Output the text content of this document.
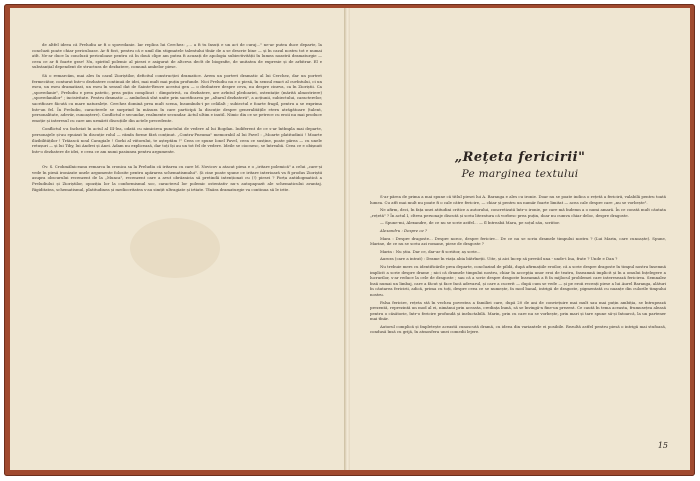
de altfel ideea că Preludiu ar fi o spovedanie. Iar replica lui Cerchez: „... a fi tu însuți e un act de curaj..." ne-ar putea duce departe, la concluzii poate chiar periculoase. Ar fi fost, pentru că e umil din stigmatele talentului tînăr de a se descrie bine — și în cazul nostru tot e numai atît. Ne-ar duce la concluzii periculoase pentru că în două clipe am putea fi acuzați de apologia subiectivității în lumea noastră dramaturgie — ceea ce ar fi foarte grav! Nu, spiritul polemic al piesei e asigurat de altceva decît de biografie, de unitatea de expresie și de arbitrar. El e substanțial dependent de structura de dezbatere, comună ambelor piese.

Să o remarcăm, mai ales în cazul Zioriștilor, deficitul construcției dramatice. Avem un portret dramatic al lui Cerchez, dar un portret fermecător, conturat într-o dezbatere continuă de idei, mai mult mai puțin profunde. Nici Preludiu nu e o piesă, în sensul exact al cuvîntului, ci un eseu, un eseu dramatizat, un eseu în sensul dat de Sainte-Beuve acestui gen — o dezbatere despre ceva, nu despre cineva, ca în Zioriștii. Ca „spovedanie", Preludiu e prea patetic, prea puțin complicat : dimpotrivă, ca dezbatere, are avîntul pledoariei, ostentație (mărită almostriere) „spovedaniilor" ; incisivitate. Pentru dramatic — amîndouă sînt unite prin sacrificarea pe „altarul dezbaterii", a acțiunii, subiectului, caracterelor, sacrificare făcută cu mare naturalețe. Cerchez domină prea mult scena, însumîndu-i pe celălalt ; subiectul e foarte fragil, pentru a se exprima într-un fel. În Preludiu, caracterele se surprind în măsura în care participă la discuție despre generalitățile etern atrăgătoare (talent, personalitate, adevăr, cunoaștere). Conflictul e secundar, realmente secundar. Actul ultim e inutil. Nimic din ce se petrece cu eroii nu mai produce emoție și interesul cu care am urmărit discuțiile din actele precedente.

Conflictul s-a încheiat în actul al III-lea, odată cu nimicirea punctului de vedere al lui Bogdan. Indiferent de ce s-ar întîmpla mai departe, personajele și-au epuizat în discuție rolul — rămîn forme fără conținut. „Contra-Pneuma" memorabil al lui Pavel : „Moarte platitudinii ! Moarte ilizibilităților ! Trăiască noul Caragiale ! Gorki al viitorului, te așteptăm !" Ceea ce spune Ionel Pavel, ceea ce susține, poate părea — cu unele retușuri — și lui Tiby, lui Andrei și Anei. Adam nu explicează, dar toți își au un tot fel de vedere. Ideile se ciocnesc, se întreabă. Ceea ce e obișnuit într-o dezbatere de idei, e ceea ce am numi pasiunea pentru argumente.

Ov. S. Crohmălniceanu remarca în cronica sa la Preludiu că iritarea cu care M. Novicov a atacat piesa e o „iritare polemică" a celui „care-și vede în piesă ironizate unele argumente folosite pentru apărarea schematismului". Și cine poate spune ce iritare interioară va fi produs Zioriștii asupra obscurului recenzent de la „Munca", recenzent care a avut obrăznicia să pretindă intenționat cu (!) piesei ? Forța antidogmatică a Preludiului și Zioriștilor, opoziția lor la conformismul soc, caracterul lor polemic ostentativ nu-s autopapuzit ale schematicului avantaj. Rigiditatea, schematismul, platitudinea și mediocritatea s-au simțit ultragiate și irtiate. Tînăra dramaturgie va continua să le irite.

„Rețeta fericirii"
Pe marginea textului

S-ar părea de prima a mai spune că titlul piesei lui A. Baranga e ales cu ironie. Doar nu se poate indica o rețetă a fericirii, valabilă pentru toată lumea. Cu atît mai mult nu poate fi o cale către fericire, — chiar și pentru un număr foarte limitat — acea cale despre care „nu se vorbește".

Ne afirm, deci, în fața unei atitudini critice a autorului, concretizată într-o ironie, pe care mă îndemn a o numi amară. În ce constă mult căutata „rețetă" ? În actul I, cîteva personaje discută și scriu literatura că vorbesc prea puțin, doar nu cumva chiar deloc, despre dragoste.

— Spune-mi, Alexandre, de ce nu se scrie astfel... — îl întreabă Mara, pe soțul său, scriitor.

Alexandru : Despre ce ?

Mara : Despre dragoste... Despre noroc, despre fericire... De ce nu se scriu dramele timpului nostru ? (Lui Marin, care cunoaște). Spune, Marine, de ce nu se scriu azi romane, piese de dragoste ?

Marin : Nu știu. Dar ce, dar-ar fi scriitor, aș scrie...

Aurora (care a intrat) : Drame în viața abia bătrîneții. Uite, și aici încep să prevăd una - unde-i Ina, frate ? Unde e Dan ?

Nu trebuie mers cu identificările prea departe, concluzind de pildă, după afirmațiile eroilor, că a scrie despre dragoste în timpul nostru însemnă implicit a scrie despre drame ; nici că dramele timpului nostru, chiar în accepția unor eroi de teatru, înseamnă implicit și în a omului înțelegere a lucrurilor, s-ar reduce la cele de dragoste ; sau că a scrie despre dragoste înseamnă a fi în mijlocul problemei care interesează fericirea. Semnalez însă numai un limbaj, care a făcut și face încă adevarul, și care a cucerit — după cum se vede — și pe eroii recenți piese a lui Aurel Baranga, alături în căutarea fericirii, adică, prima cu toți, despre ceea ce se numește, în mod banal, intrigă de dragoste, pigmentată cu nuanțe din culorile timpului nostru.

Falsa fericire, rețeta stă în vechea povestea a familiei care, după 20 de ani de conviețuire mai mult sau mai puțin ambiția, se întrupează prezentă, reprezintă un mod al ei, nimănui prin aceasta, credința bună, să se învingă-n fine-un prezent. Ce caută în tema aceasta, frumusețea aleasă pentru o căsătorie, într-o fericire profundă și ineluctabilă. Marin, prin cu care nu se vorbește, prin mari și tare spune să-și întoarcă, la un partener mai tînăr.

Autorul complică și împletește această cunoscută dramă, cu ideea din variantele ei posibile. Rezultă astfel pentru piesă o intrigă mai stufoasă, condusă însă cu grijă, în atmosfera unei comedii lejere.

15
